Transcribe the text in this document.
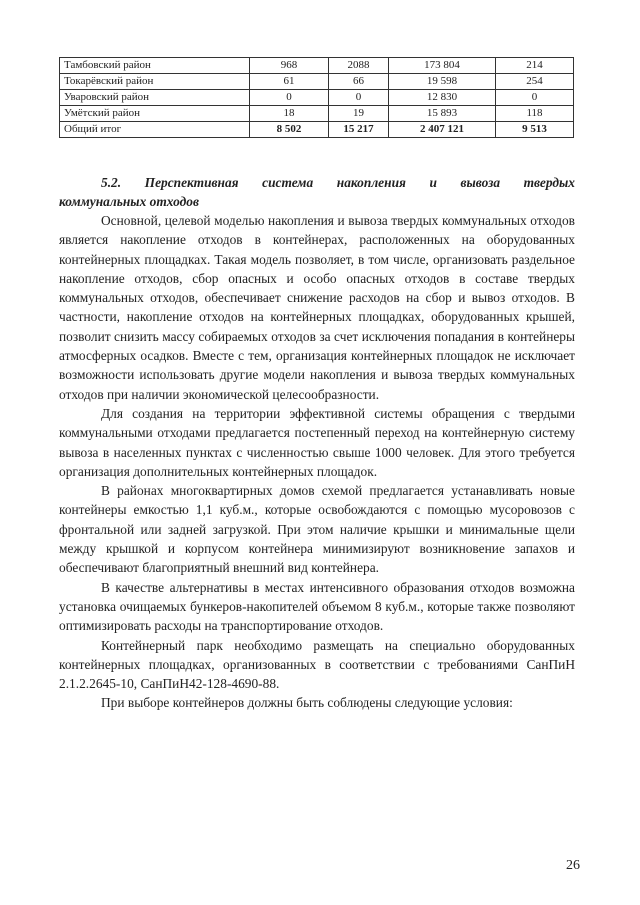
Тамбовский район	968	2088	173 804	214
Токарёвский район	61	66	19 598	254
Уваровский район	0	0	12 830	0
Умётский район	18	19	15 893	118
Общий итог	8 502	15 217	2 407 121	9 513
5.2. Перспективная система накопления и вывоза твердых
коммунальных отходов

Основной, целевой моделью накопления и вывоза твердых коммунальных отходов является накопление отходов в контейнерах, расположенных на оборудованных контейнерных площадках. Такая модель позволяет, в том числе, организовать раздельное накопление отходов, сбор опасных и особо опасных отходов в составе твердых коммунальных отходов, обеспечивает снижение расходов на сбор и вывоз отходов. В частности, накопление отходов на контейнерных площадках, оборудованных крышей, позволит снизить массу собираемых отходов за счет исключения попадания в контейнеры атмосферных осадков. Вместе с тем, организация контейнерных площадок не исключает возможности использовать другие модели накопления и вывоза твердых коммунальных отходов при наличии экономической целесообразности.

Для создания на территории эффективной системы обращения с твердыми коммунальными отходами предлагается постепенный переход на контейнерную систему вывоза в населенных пунктах с численностью свыше 1000 человек. Для этого требуется организация дополнительных контейнерных площадок.

В районах многоквартирных домов схемой предлагается устанавливать новые контейнеры емкостью 1,1 куб.м., которые освобождаются с помощью мусоровозов с фронтальной или задней загрузкой. При этом наличие крышки и минимальные щели между крышкой и корпусом контейнера минимизируют возникновение запахов и обеспечивают благоприятный внешний вид контейнера.

В качестве альтернативы в местах интенсивного образования отходов возможна установка очищаемых бункеров-накопителей объемом 8 куб.м., которые также позволяют оптимизировать расходы на транспортирование отходов.

Контейнерный парк необходимо размещать на специально оборудованных контейнерных площадках, организованных в соответствии с требованиями СанПиН 2.1.2.2645-10, СанПиН42-128-4690-88.

При выборе контейнеров должны быть соблюдены следующие условия:

26
